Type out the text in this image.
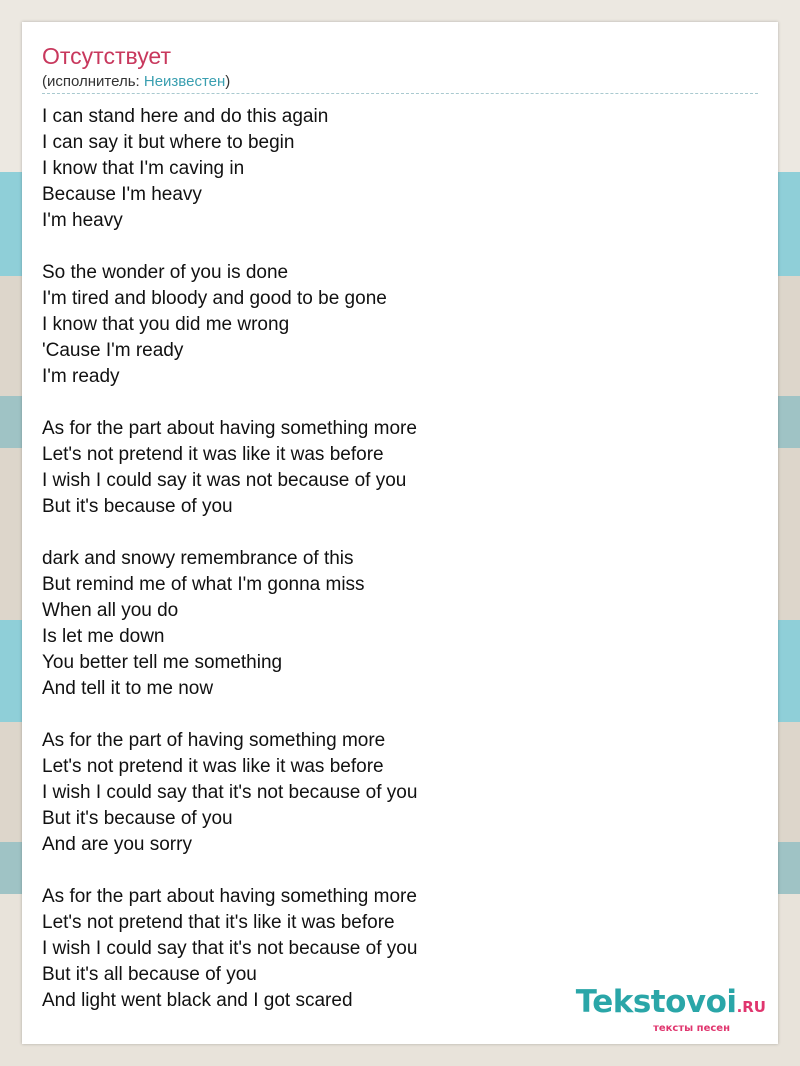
Отсутствует
(исполнитель: Неизвестен)
I can stand here and do this again
I can say it but where to begin
I know that I'm caving in
Because I'm heavy
I'm heavy
So the wonder of you is done
I'm tired and bloody and good to be gone
I know that you did me wrong
'Cause I'm ready
I'm ready
As for the part about having something more
Let's not pretend it was like it was before
I wish I could say it was not because of you
But it's because of you
dark and snowy remembrance of this
But remind me of what I'm gonna miss
When all you do
Is let me down
You better tell me something
And tell it to me now
As for the part of having something more
Let's not pretend it was like it was before
I wish I could say that it's not because of you
But it's because of you
And are you sorry
As for the part about having something more
Let's not pretend that it's like it was before
I wish I could say that it's not because of you
But it's all because of you
And light went black and I got scared	Tekstovoi.RU
тексты песен
